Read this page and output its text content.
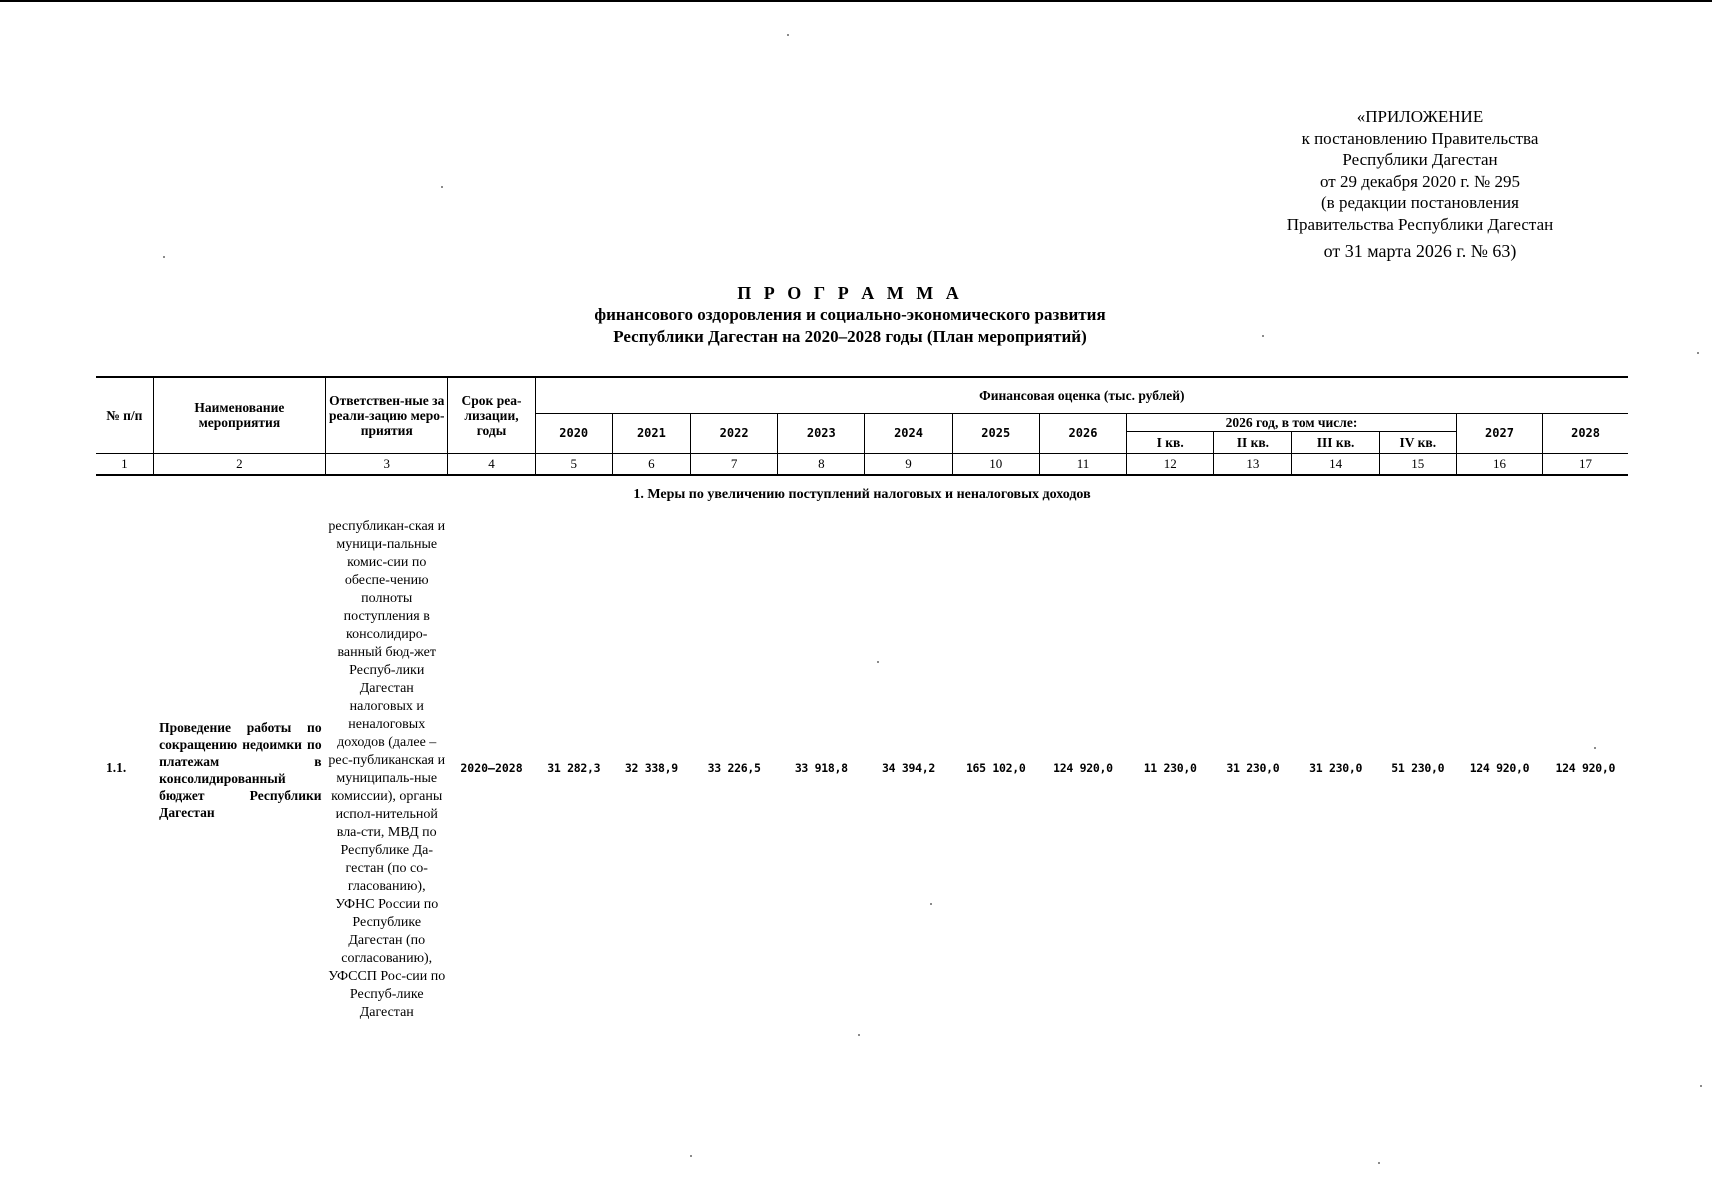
«ПРИЛОЖЕНИЕ
к постановлению Правительства
Республики Дагестан
от 29 декабря 2020 г. № 295
(в редакции постановления
Правительства Республики Дагестан
от 31 марта 2026 г. № 63)
П Р О Г Р А М М А
финансового оздоровления и социально-экономического развития
Республики Дагестан на 2020–2028 годы (План мероприятий)
№ п/п	Наименование мероприятия	Ответствен-ные за реали-зацию меро-приятия	Срок реа-лизации, годы	Финансовая оценка (тыс. рублей)												
				2020	2021	2022	2023	2024	2025	2026	2026 год, в том числе:				2027	2028
											I кв.	II кв.	III кв.	IV кв.		
1	2	3	4	5	6	7	8	9	10	11	12	13	14	15	16	17
1. Меры по увеличению поступлений налоговых и неналоговых доходов																
1.1.	Проведение работы по сокращению недоимки по платежам в консолидированный бюджет Республики Дагестан	республикан-ская и муници-пальные комис-сии по обеспе-чению полноты поступления в консолидиро-ванный бюд-жет Респуб-лики Дагестан налоговых и неналоговых доходов (далее – рес-публиканская и муниципаль-ные комиссии), органы испол-нительной вла-сти, МВД по Республике Да-гестан (по со-гласованию), УФНС России по Республике Дагестан (по согласованию), УФССП Рос-сии по Респуб-лике Дагестан	2020–2028	31 282,3	32 338,9	33 226,5	33 918,8	34 394,2	165 102,0	124 920,0	11 230,0	31 230,0	31 230,0	51 230,0	124 920,0	124 920,0
